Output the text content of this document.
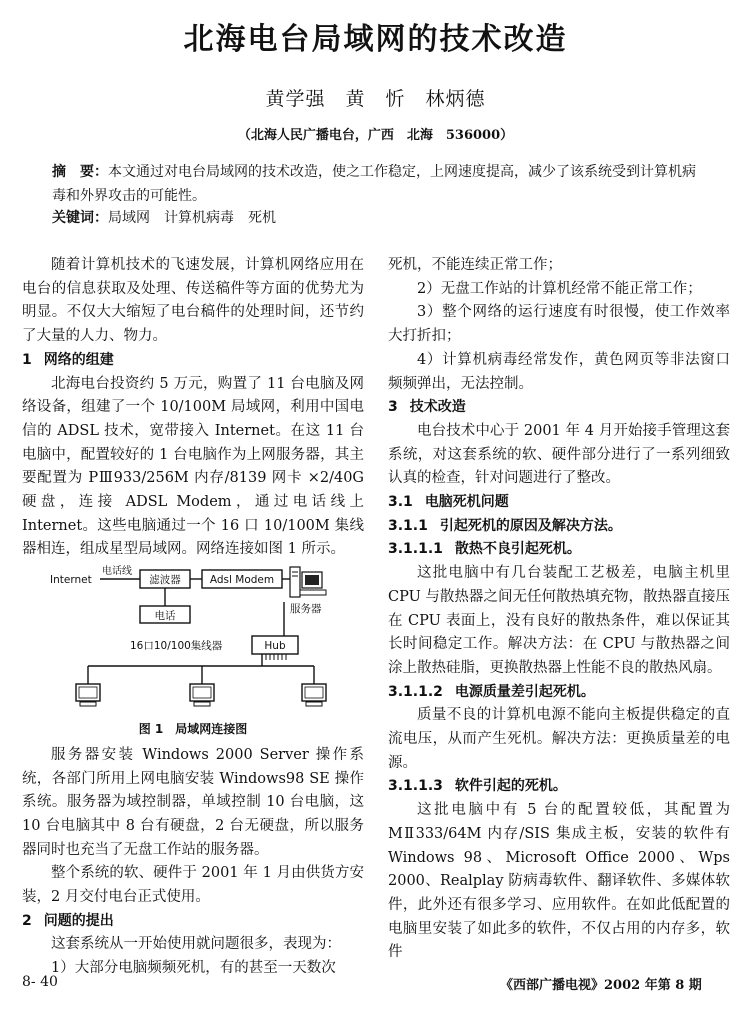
北海电台局域网的技术改造
黄学强　黄　忻　林炳德
（北海人民广播电台，广西　北海　536000）
摘　要：本文通过对电台局域网的技术改造，使之工作稳定，上网速度提高，减少了该系统受到计算机病毒和外界攻击的可能性。
关键词：局域网　计算机病毒　死机

随着计算机技术的飞速发展，计算机网络应用在电台的信息获取及处理、传送稿件等方面的优势尤为明显。不仅大大缩短了电台稿件的处理时间，还节约了大量的人力、物力。

1 网络的组建

北海电台投资约 5 万元，购置了 11 台电脑及网络设备，组建了一个 10/100M 局域网，利用中国电信的 ADSL 技术，宽带接入 Internet。在这 11 台电脑中，配置较好的 1 台电脑作为上网服务器，其主要配置为 PⅢ933/256M 内存/8139 网卡 ×2/40G 硬盘，连接 ADSL Modem，通过电话线上 Internet。这些电脑通过一个 16 口 10/100M 集线器相连，组成星型局域网。网络连接如图 1 所示。

Internet
电话线
滤波器	Adsl Modem
电话
服务器
16口10/100集线器	Hub
图 1　局域网连接图

服务器安装 Windows 2000 Server 操作系统，各部门所用上网电脑安装 Windows98 SE 操作系统。服务器为域控制器，单域控制 10 台电脑，这 10 台电脑其中 8 台有硬盘，2 台无硬盘，所以服务器同时也充当了无盘工作站的服务器。

整个系统的软、硬件于 2001 年 1 月由供货方安装，2 月交付电台正式使用。

2 问题的提出

这套系统从一开始使用就问题很多，表现为：

1）大部分电脑频频死机，有的甚至一天数次

死机，不能连续正常工作；

2）无盘工作站的计算机经常不能正常工作；

3）整个网络的运行速度有时很慢，使工作效率大打折扣；

4）计算机病毒经常发作，黄色网页等非法窗口频频弹出，无法控制。

3 技术改造

电台技术中心于 2001 年 4 月开始接手管理这套系统，对这套系统的软、硬件部分进行了一系列细致认真的检查，针对问题进行了整改。

3.1 电脑死机问题
3.1.1 引起死机的原因及解决方法。
3.1.1.1 散热不良引起死机。

这批电脑中有几台装配工艺极差，电脑主机里 CPU 与散热器之间无任何散热填充物，散热器直接压在 CPU 表面上，没有良好的散热条件，难以保证其长时间稳定工作。解决方法：在 CPU 与散热器之间涂上散热硅脂，更换散热器上性能不良的散热风扇。

3.1.1.2 电源质量差引起死机。

质量不良的计算机电源不能向主板提供稳定的直流电压，从而产生死机。解决方法：更换质量差的电源。

3.1.1.3 软件引起的死机。

这批电脑中有 5 台的配置较低，其配置为 MⅡ333/64M 内存/SIS 集成主板，安装的软件有 Windows 98、Microsoft Office 2000、Wps 2000、Realplay 防病毒软件、翻译软件、多媒体软件，此外还有很多学习、应用软件。在如此低配置的电脑里安装了如此多的软件，不仅占用的内存多，软件

8- 40	《西部广播电视》2002 年第 8 期
